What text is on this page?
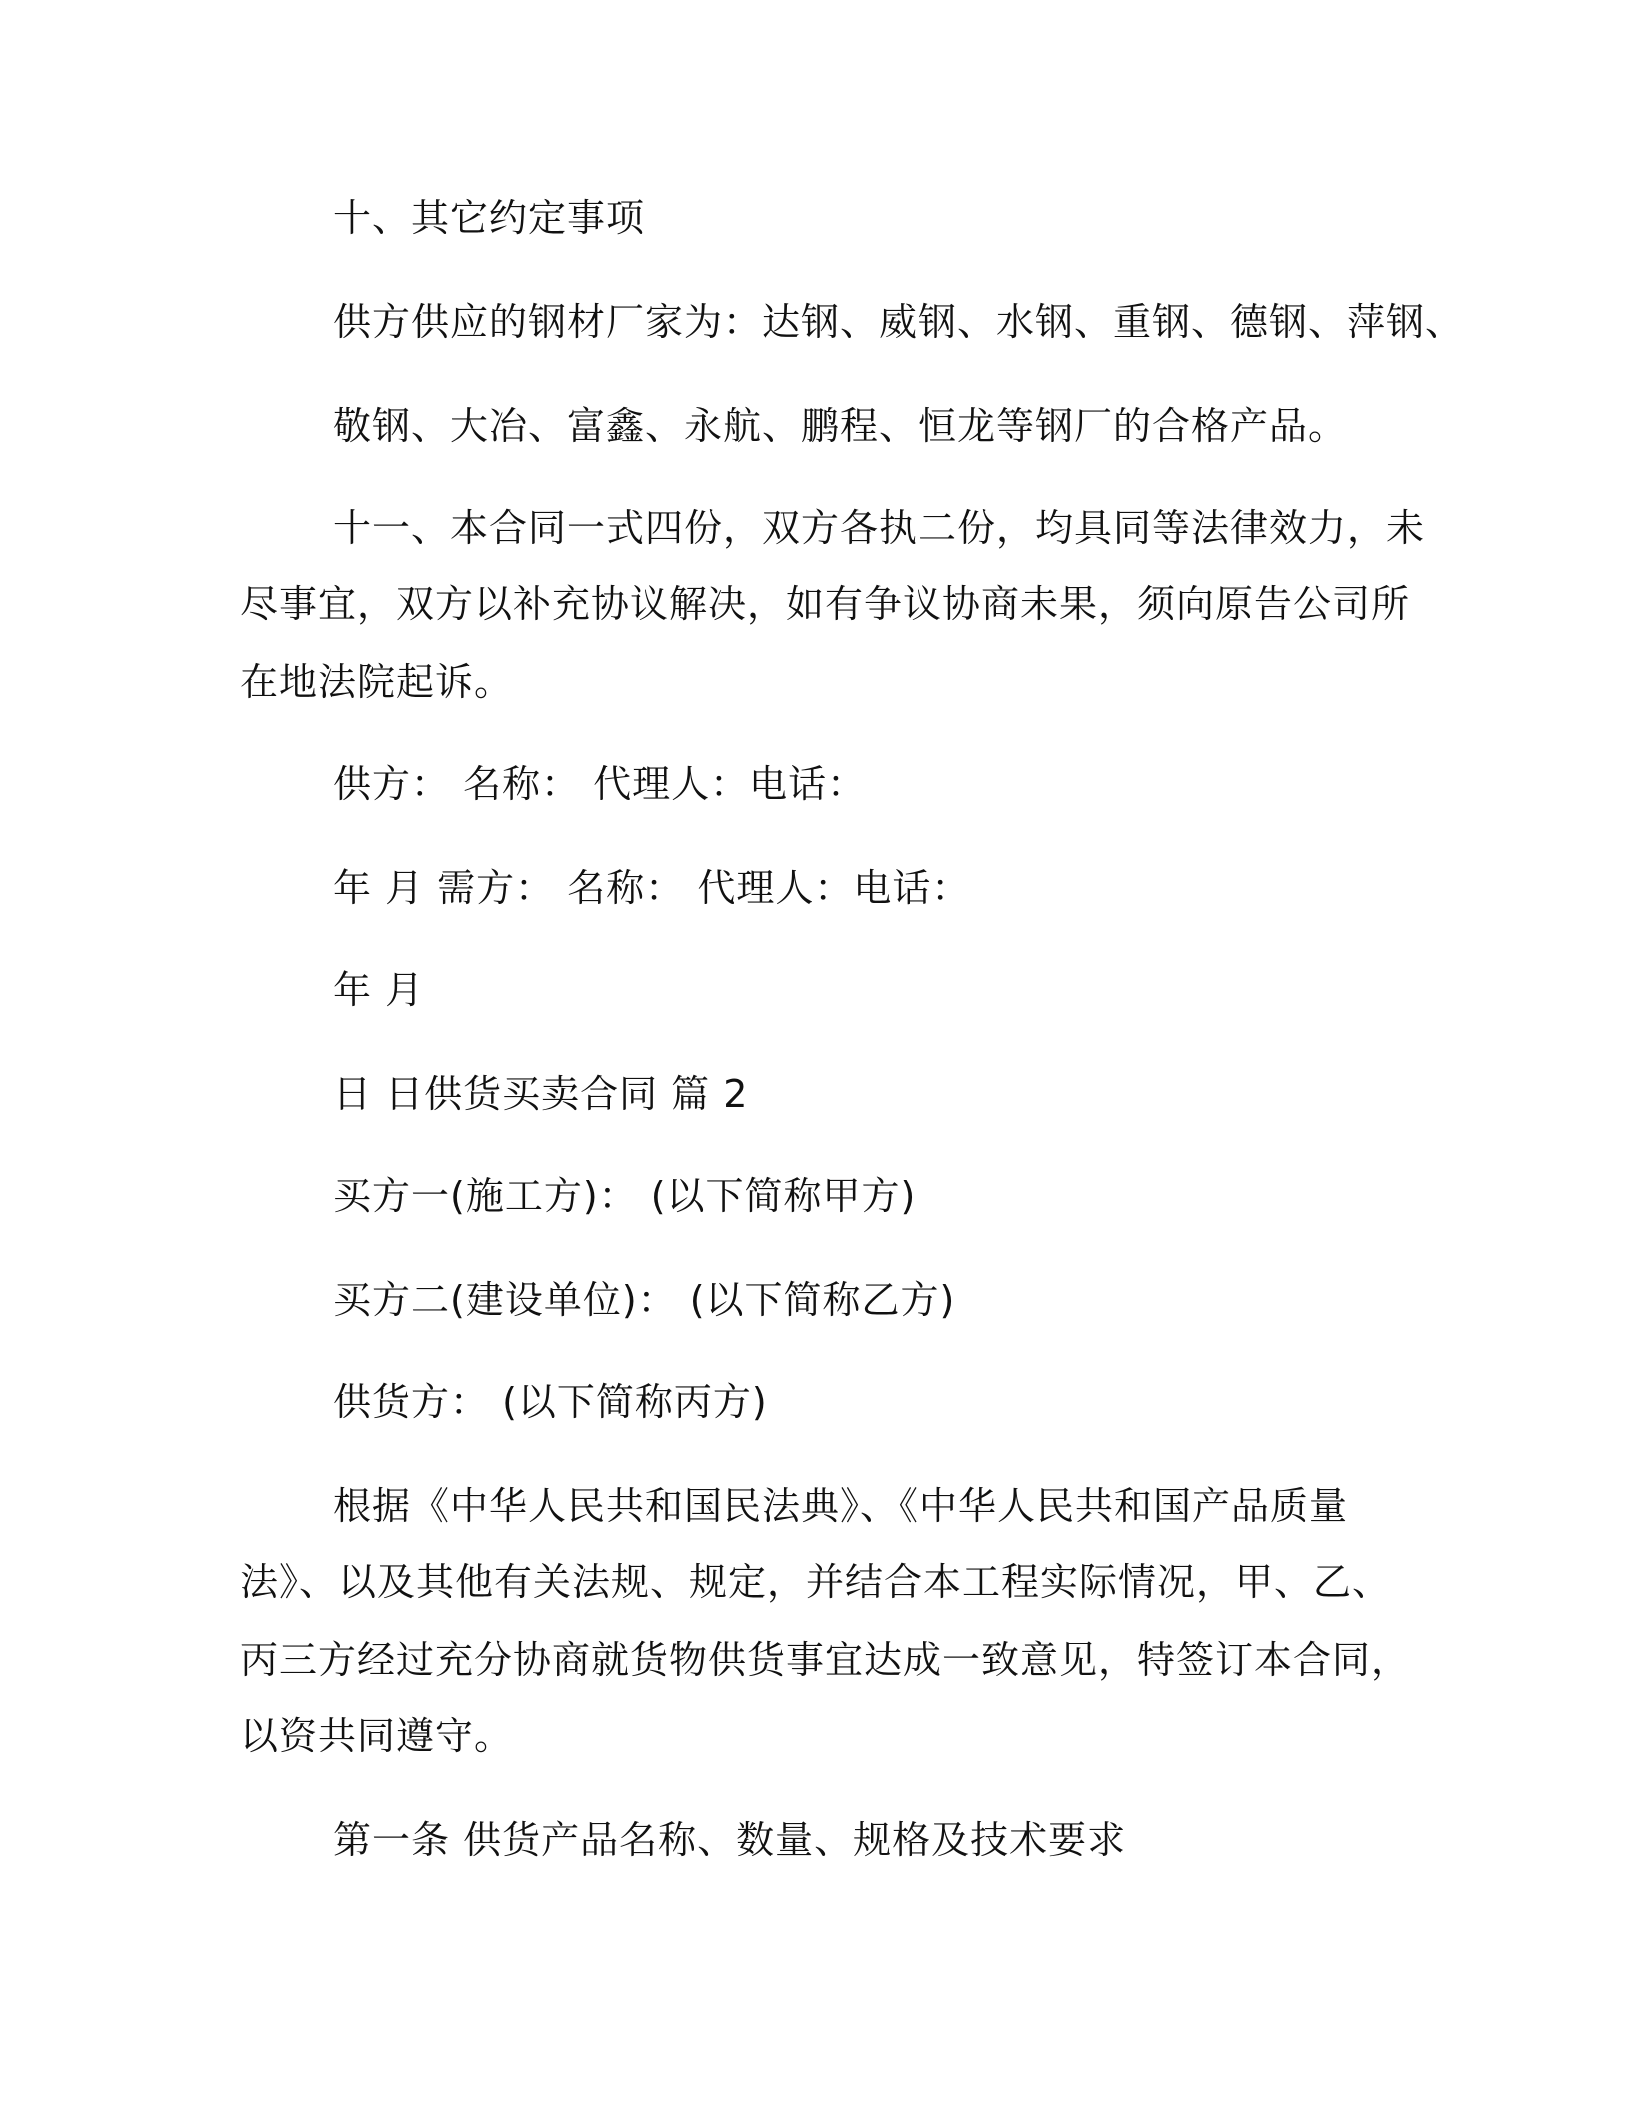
十、其它约定事项
供方供应的钢材厂家为：达钢、威钢、水钢、重钢、德钢、萍钢、
敬钢、大冶、富鑫、永航、鹏程、恒龙等钢厂的合格产品。
十一、本合同一式四份，双方各执二份，均具同等法律效力，未
尽事宜，双方以补充协议解决，如有争议协商未果，须向原告公司所
在地法院起诉。
供方： 名称： 代理人：电话：
年 月 需方： 名称： 代理人：电话：
年 月
日 日供货买卖合同 篇 2
买方一(施工方)： (以下简称甲方)
买方二(建设单位)： (以下简称乙方)
供货方： (以下简称丙方)
根据《中华人民共和国民法典》、《中华人民共和国产品质量
法》、以及其他有关法规、规定，并结合本工程实际情况，甲、乙、
丙三方经过充分协商就货物供货事宜达成一致意见，特签订本合同，
以资共同遵守。
第一条 供货产品名称、数量、规格及技术要求
